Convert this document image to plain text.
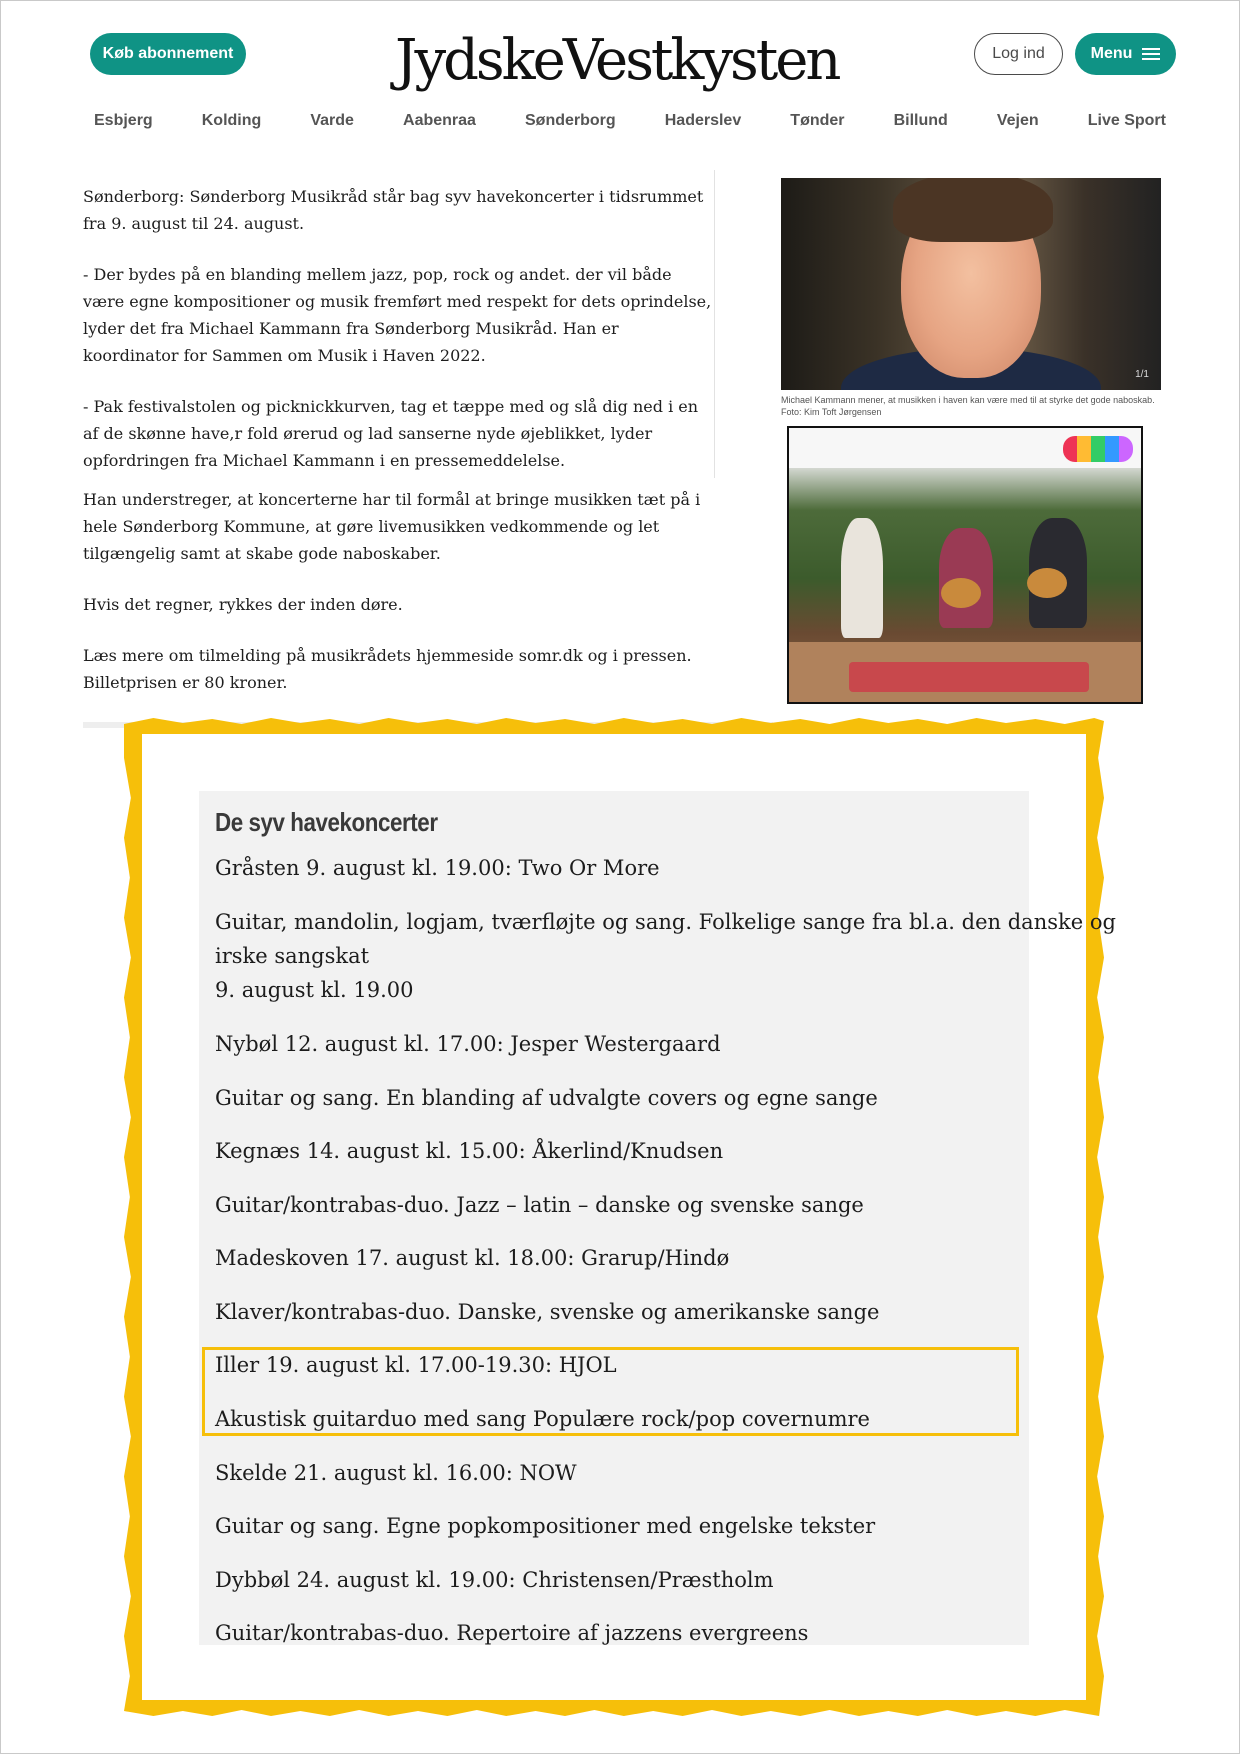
Køb abonnement	JydskeVestkysten	Log ind	Menu
Esbjerg	Kolding	Varde	Aabenraa	Sønderborg	Haderslev	Tønder	Billund	Vejen	Live Sport

Sønderborg: Sønderborg Musikråd står bag syv havekoncerter i tidsrummet fra 9. august til 24. august.

- Der bydes på en blanding mellem jazz, pop, rock og andet. der vil både være egne kompositioner og musik fremført med respekt for dets oprindelse, lyder det fra Michael Kammann fra Sønderborg Musikråd. Han er koordinator for Sammen om Musik i Haven 2022.

- Pak festivalstolen og picknickkurven, tag et tæppe med og slå dig ned i en af de skønne have,r fold ørerud og lad sanserne nyde øjeblikket, lyder opfordringen fra Michael Kammann i en pressemeddelelse.

Han understreger, at koncerterne har til formål at bringe musikken tæt på i hele Sønderborg Kommune, at gøre livemusikken vedkommende og let tilgængelig samt at skabe gode naboskaber.

Hvis det regner, rykkes der inden døre.

Læs mere om tilmelding på musikrådets hjemmeside somr.dk og i pressen. Billetprisen er 80 kroner.

1/1
Michael Kammann mener, at musikken i haven kan være med til at styrke det gode naboskab. Foto: Kim Toft Jørgensen
De syv havekoncerter
Gråsten 9. august kl. 19.00: Two Or More
Guitar, mandolin, logjam, tværfløjte og sang. Folkelige sange fra bl.a. den danske og
irske sangskat
9. august kl. 19.00
Nybøl 12. august kl. 17.00: Jesper Westergaard
Guitar og sang. En blanding af udvalgte covers og egne sange
Kegnæs 14. august kl. 15.00: Åkerlind/Knudsen
Guitar/kontrabas-duo. Jazz – latin – danske og svenske sange
Madeskoven 17. august kl. 18.00: Grarup/Hindø
Klaver/kontrabas-duo. Danske, svenske og amerikanske sange
Iller 19. august kl. 17.00-19.30: HJOL
Akustisk guitarduo med sang Populære rock/pop covernumre
Skelde 21. august kl. 16.00: NOW
Guitar og sang. Egne popkompositioner med engelske tekster
Dybbøl 24. august kl. 19.00: Christensen/Præstholm
Guitar/kontrabas-duo. Repertoire af jazzens evergreens
